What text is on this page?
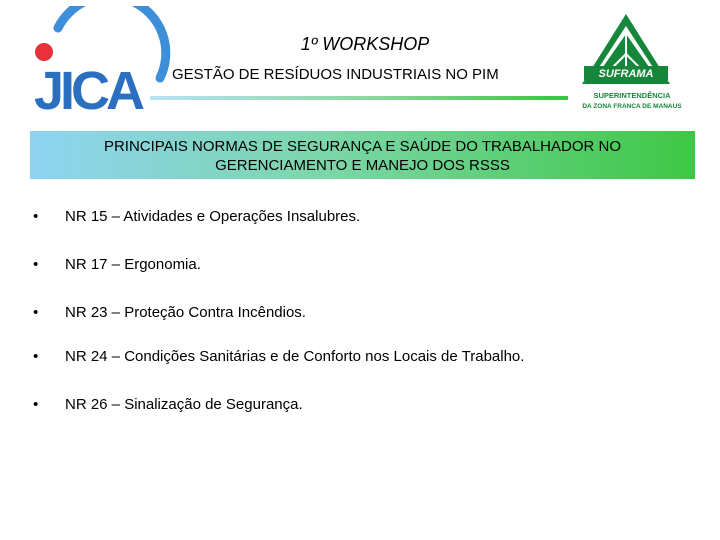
JICA	SUFRAMA
SUPERINTENDÊNCIA
DA ZONA FRANCA DE MANAUS
1º WORKSHOP
GESTÃO DE RESÍDUOS INDUSTRIAIS NO PIM
PRINCIPAIS NORMAS DE SEGURANÇA E SAÚDE DO TRABALHADOR NO
GERENCIAMENTO E MANEJO DOS RSSS
• NR 15 – Atividades e Operações Insalubres.
• NR 17 – Ergonomia.
• NR 23 – Proteção Contra Incêndios.
• NR 24 – Condições Sanitárias e de Conforto nos Locais de Trabalho.
• NR 26 – Sinalização de Segurança.
